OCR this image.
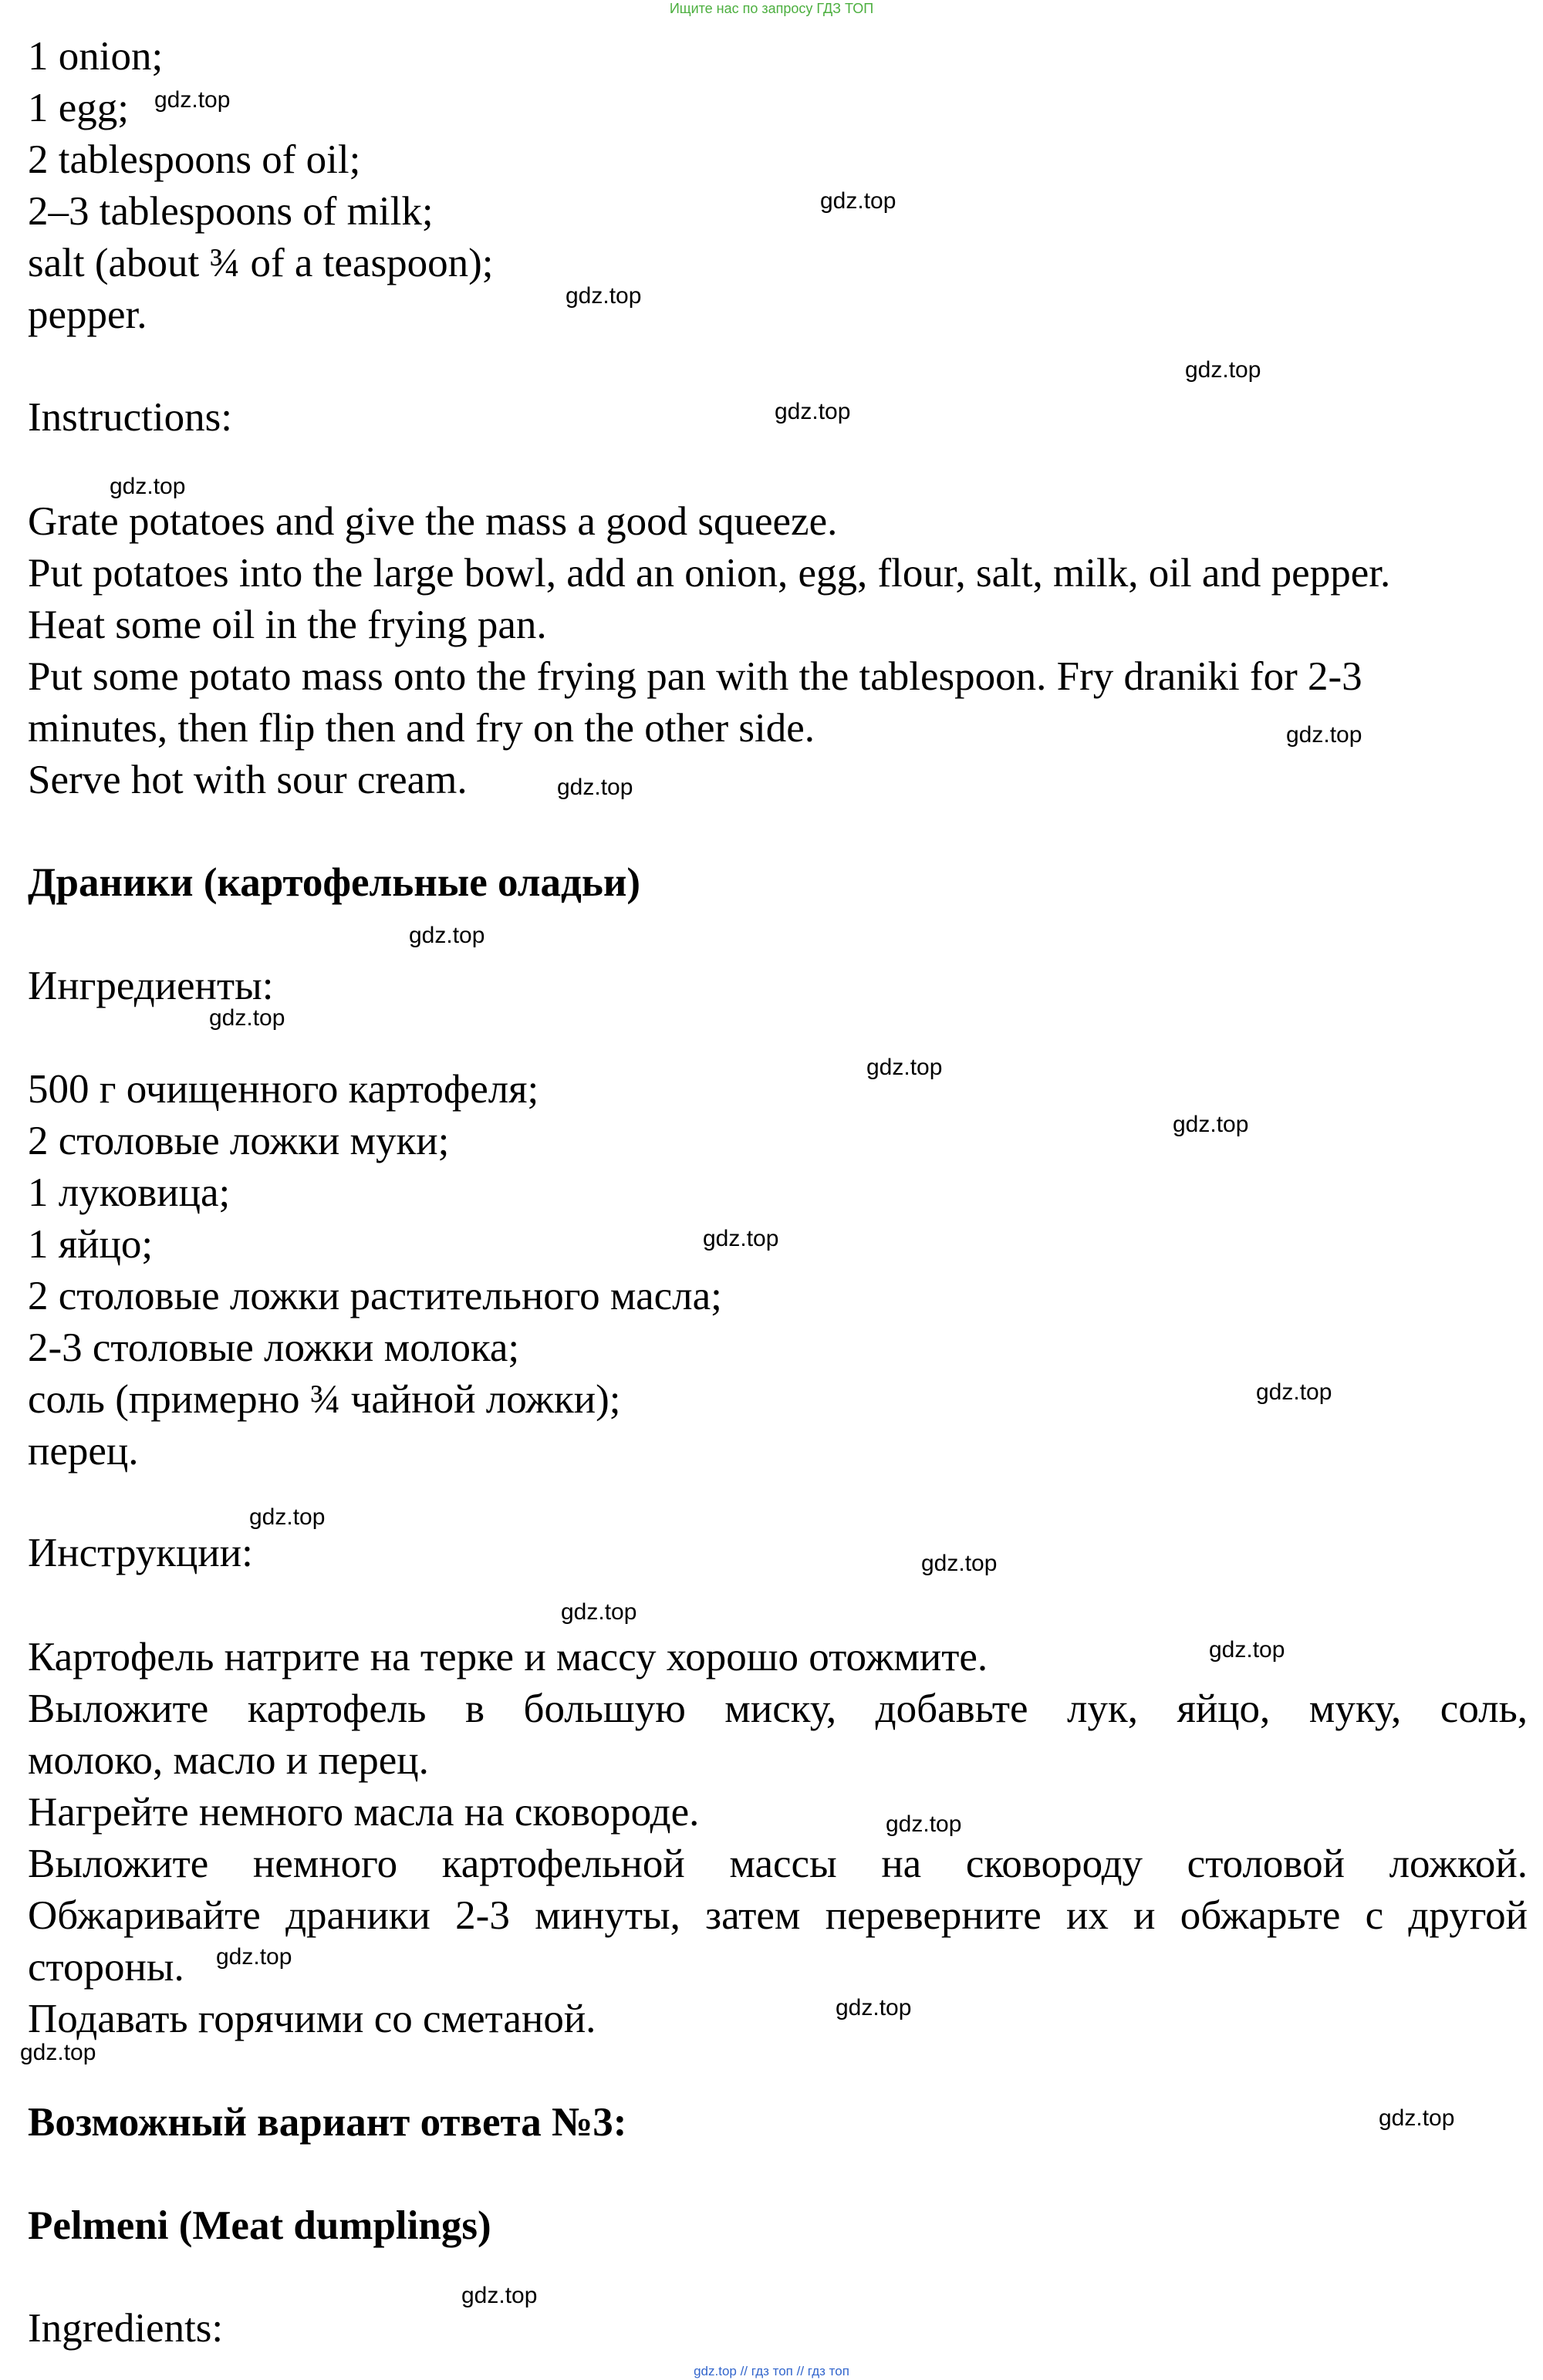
Ищите нас по запросу ГДЗ ТОП
1 onion;
1 egg;
2 tablespoons of oil;
2–3 tablespoons of milk;
salt (about ¾ of a teaspoon);
pepper.
Instructions:
Grate potatoes and give the mass a good squeeze.
Put potatoes into the large bowl, add an onion, egg, flour, salt, milk, oil and pepper.
Heat some oil in the frying pan.
Put some potato mass onto the frying pan with the tablespoon. Fry draniki for 2-3
minutes, then flip then and fry on the other side.
Serve hot with sour cream.
Драники (картофельные оладьи)
Ингредиенты:
500 г очищенного картофеля;
2 столовые ложки муки;
1 луковица;
1 яйцо;
2 столовые ложки растительного масла;
2-3 столовые ложки молока;
соль (примерно ¾ чайной ложки);
перец.
Инструкции:
Картофель натрите на терке и массу хорошо отожмите.
Выложите картофель в большую миску, добавьте лук, яйцо, муку, соль,
молоко, масло и перец.
Нагрейте немного масла на сковороде.
Выложите немного картофельной массы на сковороду столовой ложкой.
Обжаривайте драники 2-3 минуты, затем переверните их и обжарьте с другой
стороны.
Подавать горячими со сметаной.
Возможный вариант ответа №3:
Pelmeni (Meat dumplings)
Ingredients:
gdz.top
gdz.top
gdz.top
gdz.top
gdz.top
gdz.top
gdz.top
gdz.top
gdz.top
gdz.top
gdz.top
gdz.top
gdz.top
gdz.top
gdz.top
gdz.top
gdz.top
gdz.top
gdz.top
gdz.top
gdz.top
gdz.top
gdz.top
gdz.top
gdz.top // гдз топ // гдз топ
